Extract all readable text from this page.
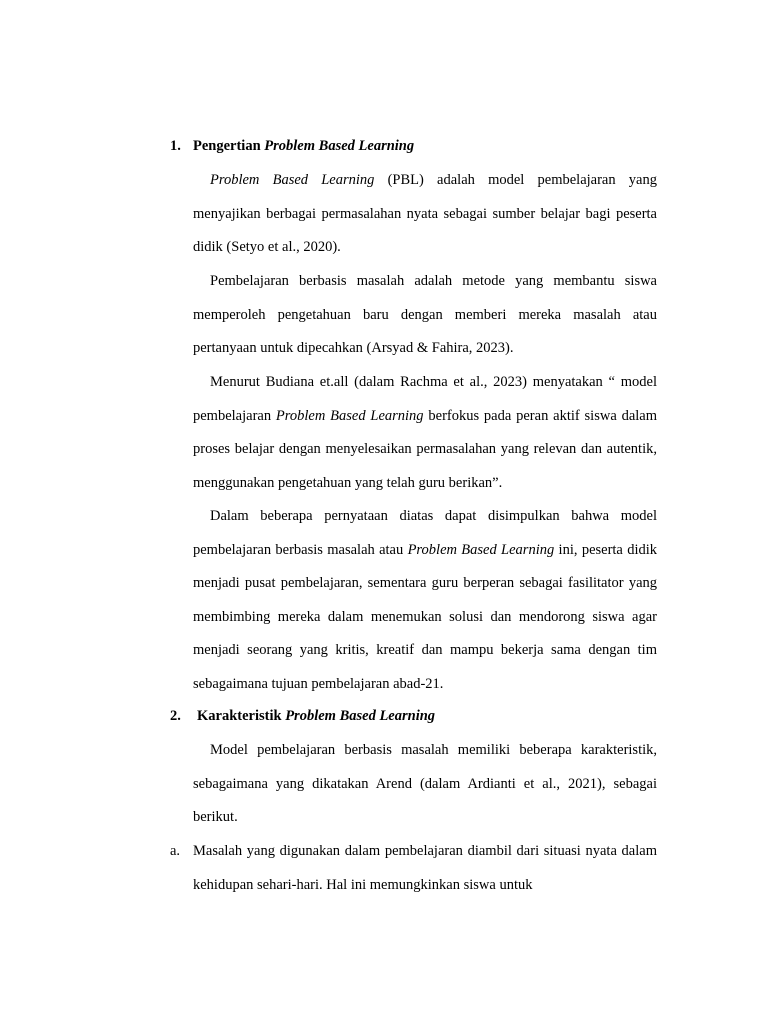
1. Pengertian Problem Based Learning

Problem Based Learning (PBL) adalah model pembelajaran yang menyajikan berbagai permasalahan nyata sebagai sumber belajar bagi peserta didik (Setyo et al., 2020).

Pembelajaran berbasis masalah adalah metode yang membantu siswa memperoleh pengetahuan baru dengan memberi mereka masalah atau pertanyaan untuk dipecahkan (Arsyad & Fahira, 2023).

Menurut Budiana et.all (dalam Rachma et al., 2023) menyatakan “ model pembelajaran Problem Based Learning berfokus pada peran aktif siswa dalam proses belajar dengan menyelesaikan permasalahan yang relevan dan autentik, menggunakan pengetahuan yang telah guru berikan”.

Dalam beberapa pernyataan diatas dapat disimpulkan bahwa model pembelajaran berbasis masalah atau Problem Based Learning ini, peserta didik menjadi pusat pembelajaran, sementara guru berperan sebagai fasilitator yang membimbing mereka dalam menemukan solusi dan mendorong siswa agar menjadi seorang yang kritis, kreatif dan mampu bekerja sama dengan tim sebagaimana tujuan pembelajaran abad-21.

2. Karakteristik Problem Based Learning

Model pembelajaran berbasis masalah memiliki beberapa karakteristik, sebagaimana yang dikatakan Arend (dalam Ardianti et al., 2021), sebagai berikut.

a. Masalah yang digunakan dalam pembelajaran diambil dari situasi nyata dalam kehidupan sehari-hari. Hal ini memungkinkan siswa untuk
